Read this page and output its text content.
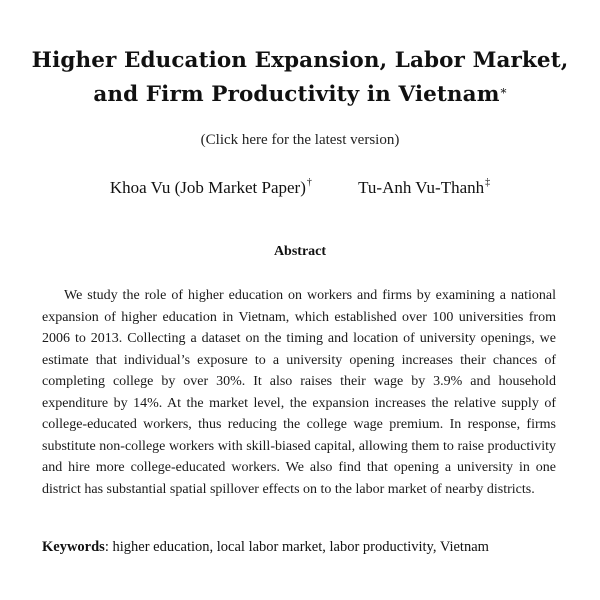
Higher Education Expansion, Labor Market,
and Firm Productivity in Vietnam*
(Click here for the latest version)
Khoa Vu (Job Market Paper)†	Tu-Anh Vu-Thanh‡
Abstract

We study the role of higher education on workers and firms by examining a national expansion of higher education in Vietnam, which established over 100 universities from 2006 to 2013. Collecting a dataset on the timing and location of university openings, we estimate that individual’s exposure to a university opening increases their chances of completing college by over 30%. It also raises their wage by 3.9% and household expenditure by 14%. At the market level, the expansion increases the relative supply of college-educated workers, thus reducing the college wage premium. In response, firms substitute non-college workers with skill-biased capital, allowing them to raise productivity and hire more college-educated workers. We also find that opening a university in one district has substantial spatial spillover effects on to the labor market of nearby districts.

Keywords: higher education, local labor market, labor productivity, Vietnam
